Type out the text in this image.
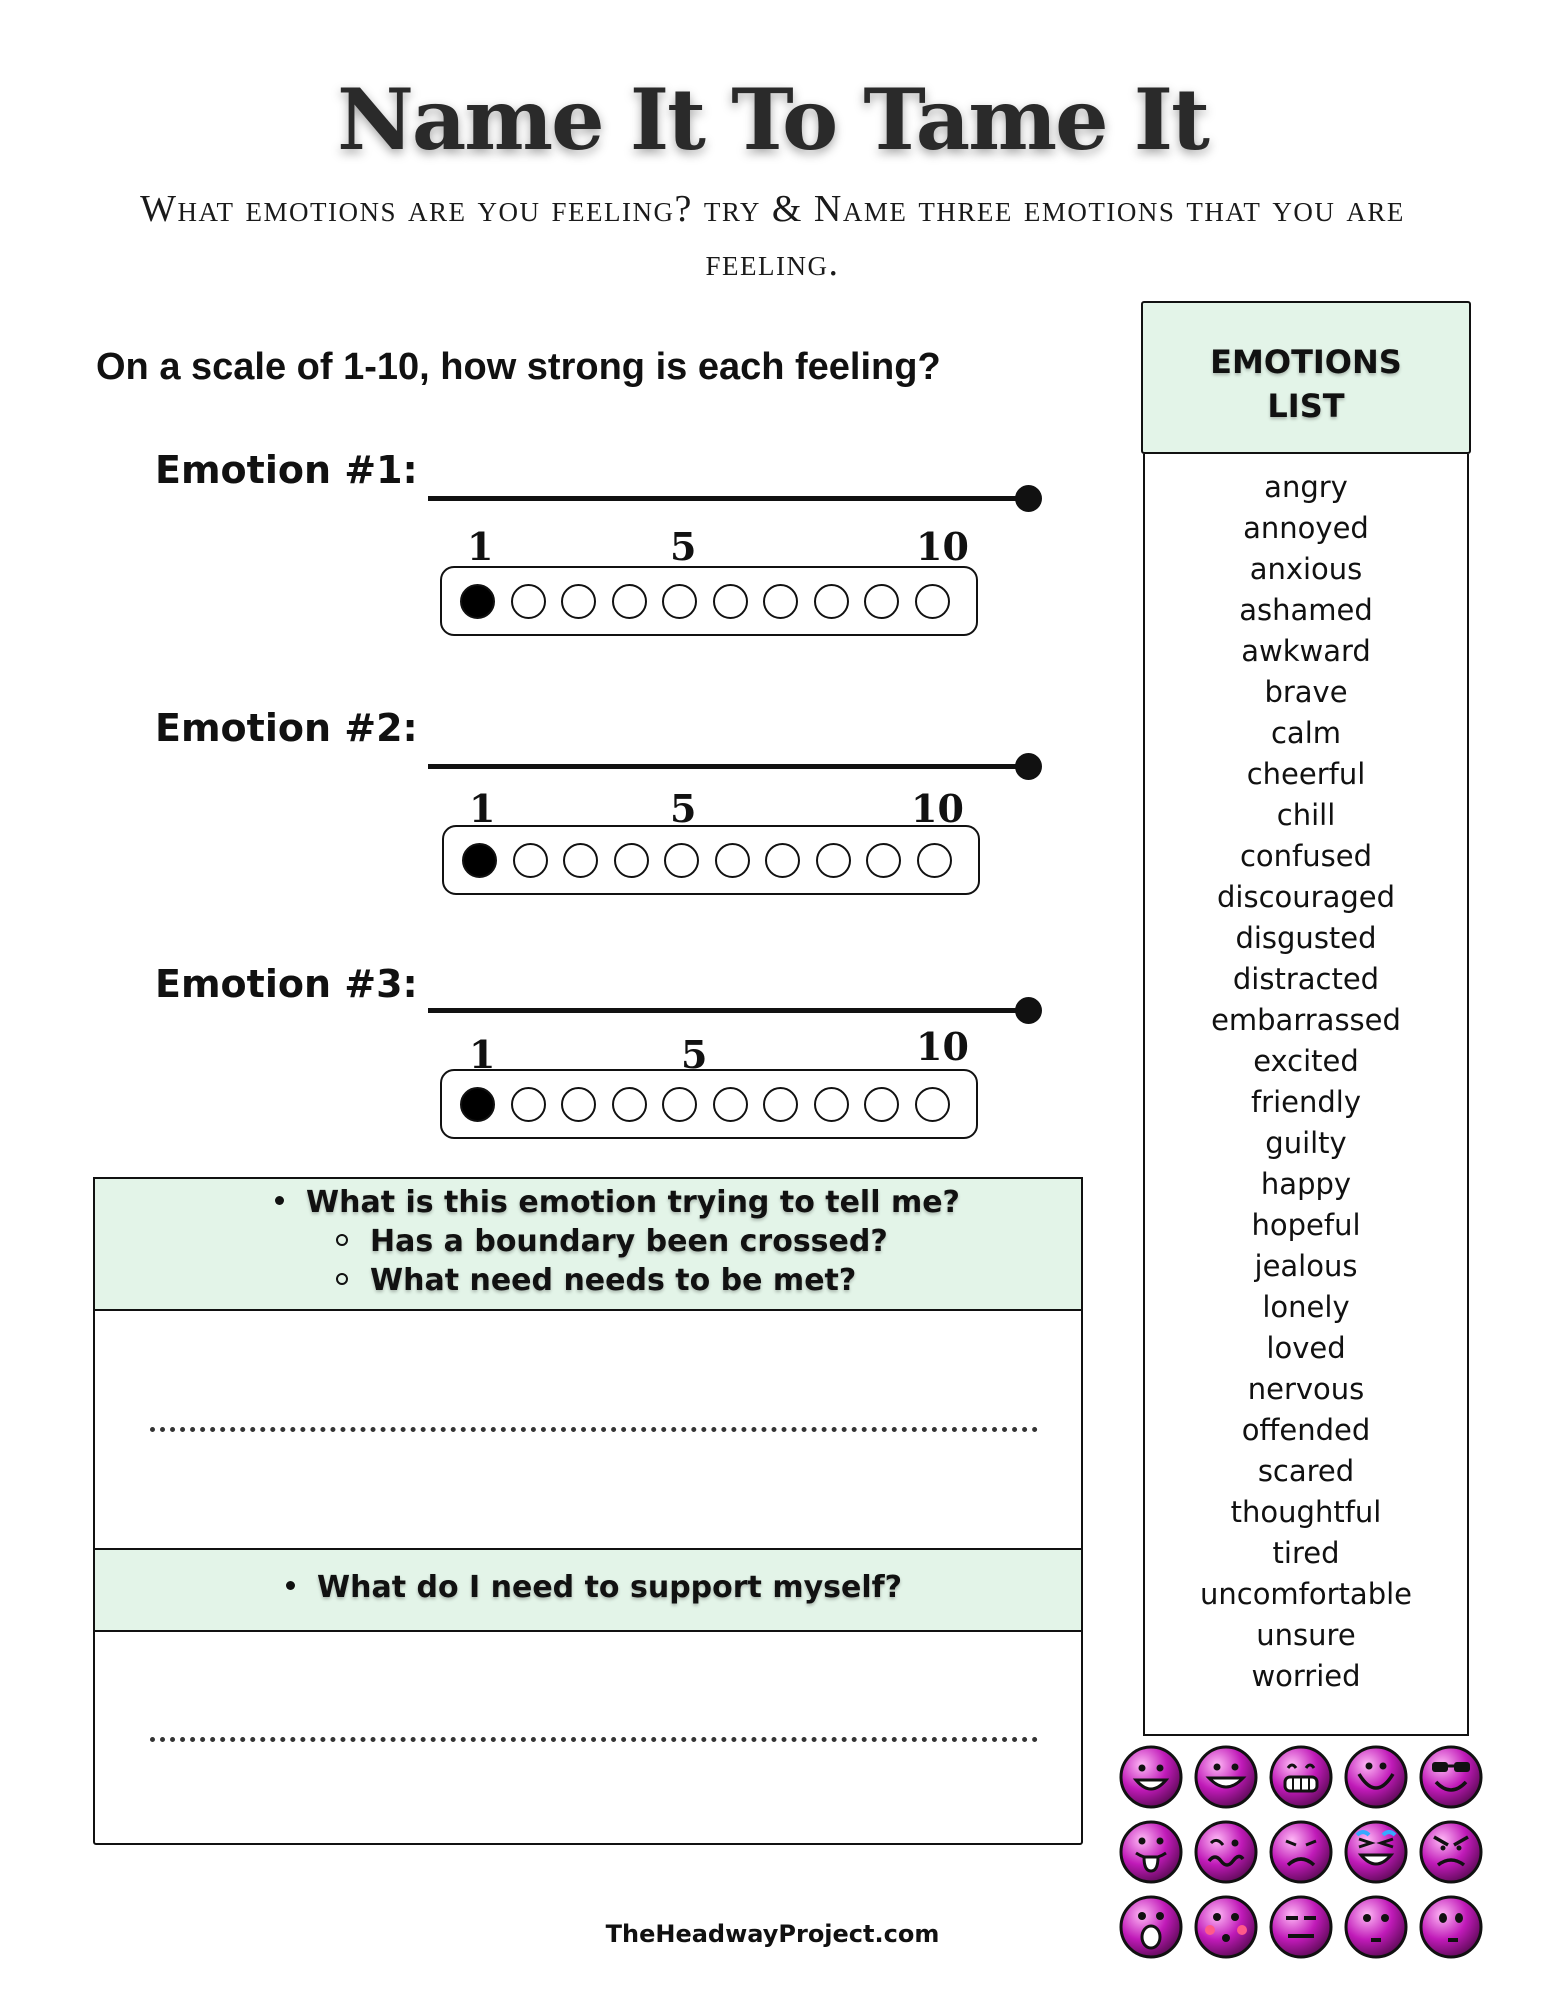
Name It To Tame It
What emotions are you feeling? try & Name three emotions that you are feeling.
On a scale of 1-10, how strong is each feeling?
Emotion #1:
1	5	10
Emotion #2:
1	5	10
Emotion #3:
1	5	10
What is this emotion trying to tell me?
Has a boundary been crossed?
What need needs to be met?
What do I need to support myself?
EMOTIONS
LIST
angry
annoyed
anxious
ashamed
awkward
brave
calm
cheerful
chill
confused
discouraged
disgusted
distracted
embarrassed
excited
friendly
guilty
happy
hopeful
jealous
lonely
loved
nervous
offended
scared
thoughtful
tired
uncomfortable
unsure
worried
TheHeadwayProject.com
